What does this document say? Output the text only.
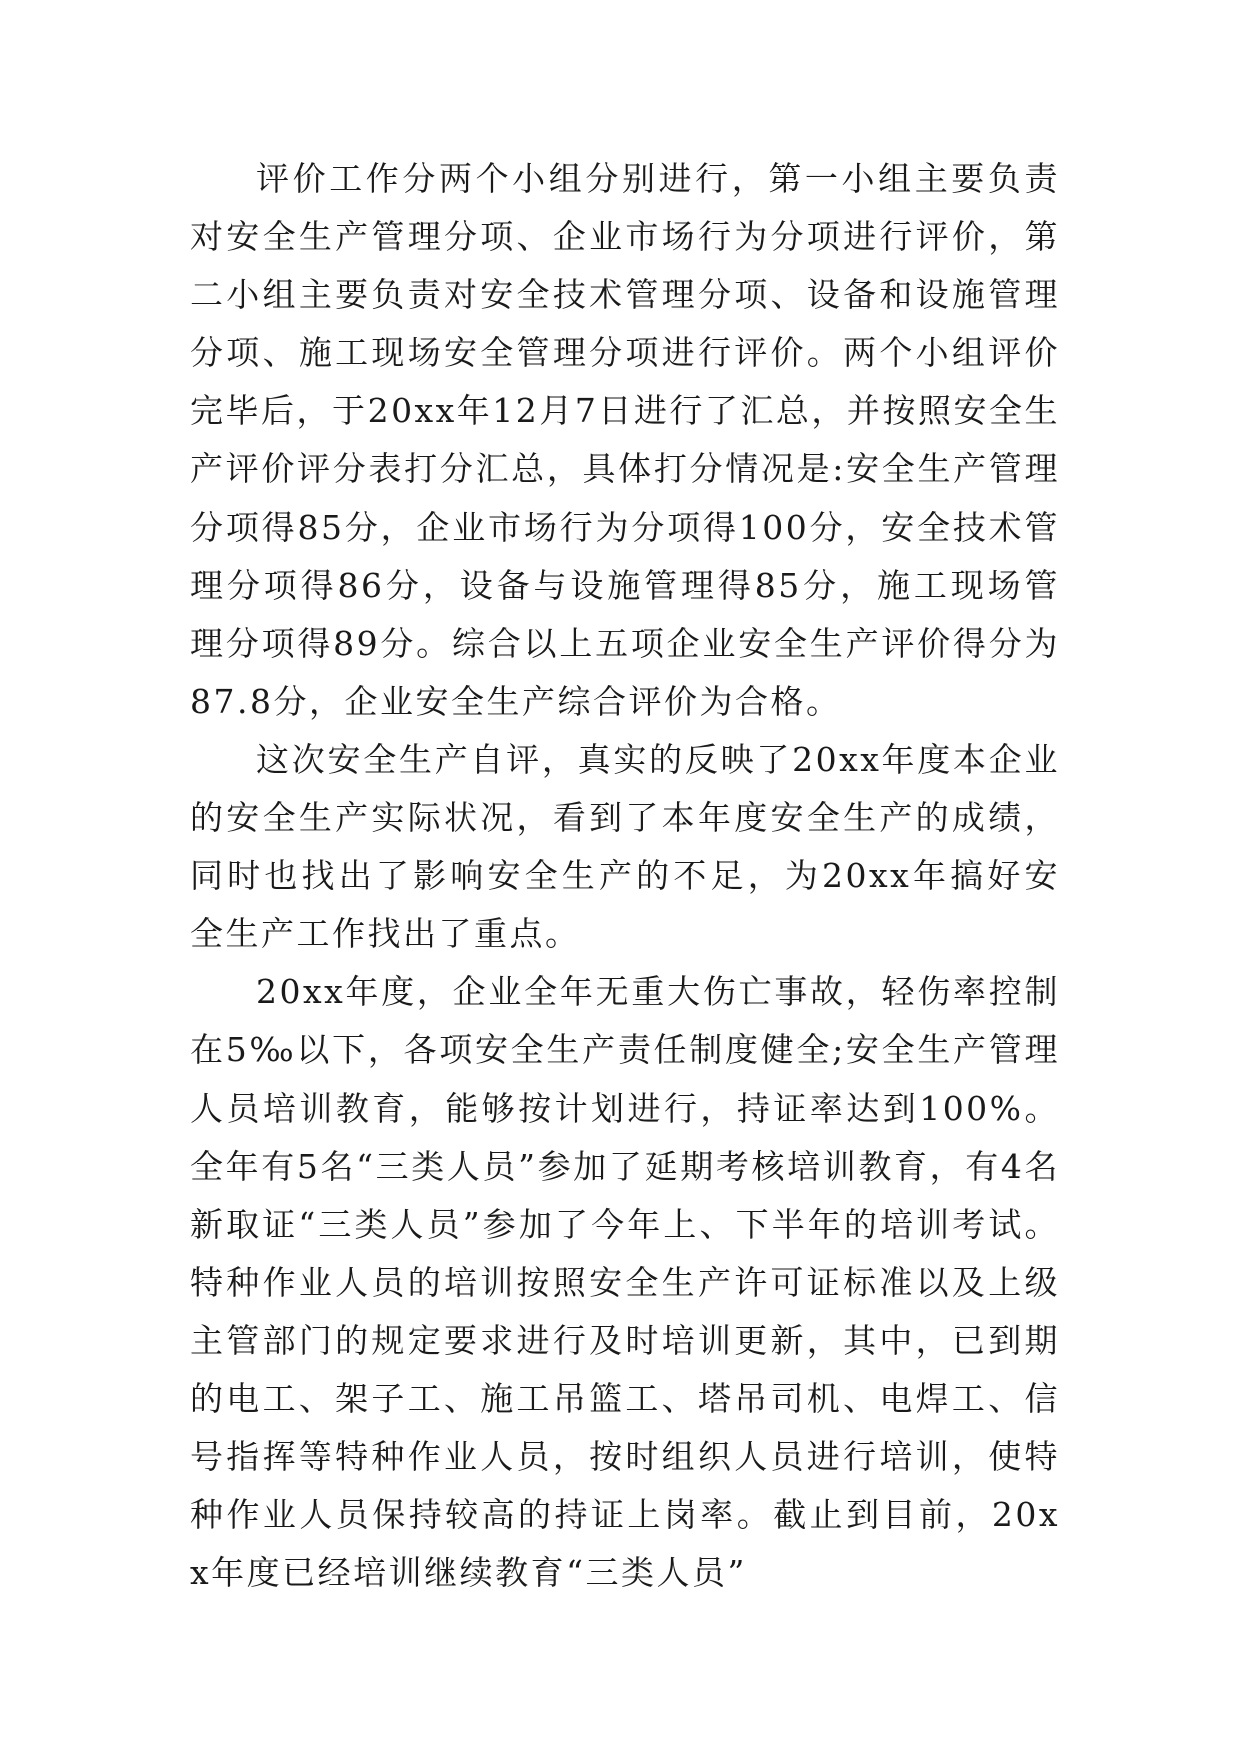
评价工作分两个小组分别进行，第一小组主要负责对安全生产管理分项、企业市场行为分项进行评价，第二小组主要负责对安全技术管理分项、设备和设施管理分项、施工现场安全管理分项进行评价。两个小组评价完毕后，于20xx年12月7日进行了汇总，并按照安全生产评价评分表打分汇总，具体打分情况是:安全生产管理分项得85分，企业市场行为分项得100分，安全技术管理分项得86分，设备与设施管理得85分，施工现场管理分项得89分。综合以上五项企业安全生产评价得分为87.8分，企业安全生产综合评价为合格。

这次安全生产自评，真实的反映了20xx年度本企业的安全生产实际状况，看到了本年度安全生产的成绩，同时也找出了影响安全生产的不足，为20xx年搞好安全生产工作找出了重点。

20xx年度，企业全年无重大伤亡事故，轻伤率控制在5‰以下，各项安全生产责任制度健全;安全生产管理人员培训教育，能够按计划进行，持证率达到100%。全年有5名“三类人员”参加了延期考核培训教育，有4名新取证“三类人员”参加了今年上、下半年的培训考试。特种作业人员的培训按照安全生产许可证标准以及上级主管部门的规定要求进行及时培训更新，其中，已到期的电工、架子工、施工吊篮工、塔吊司机、电焊工、信号指挥等特种作业人员，按时组织人员进行培训，使特种作业人员保持较高的持证上岗率。截止到目前，20xx年度已经培训继续教育“三类人员”
